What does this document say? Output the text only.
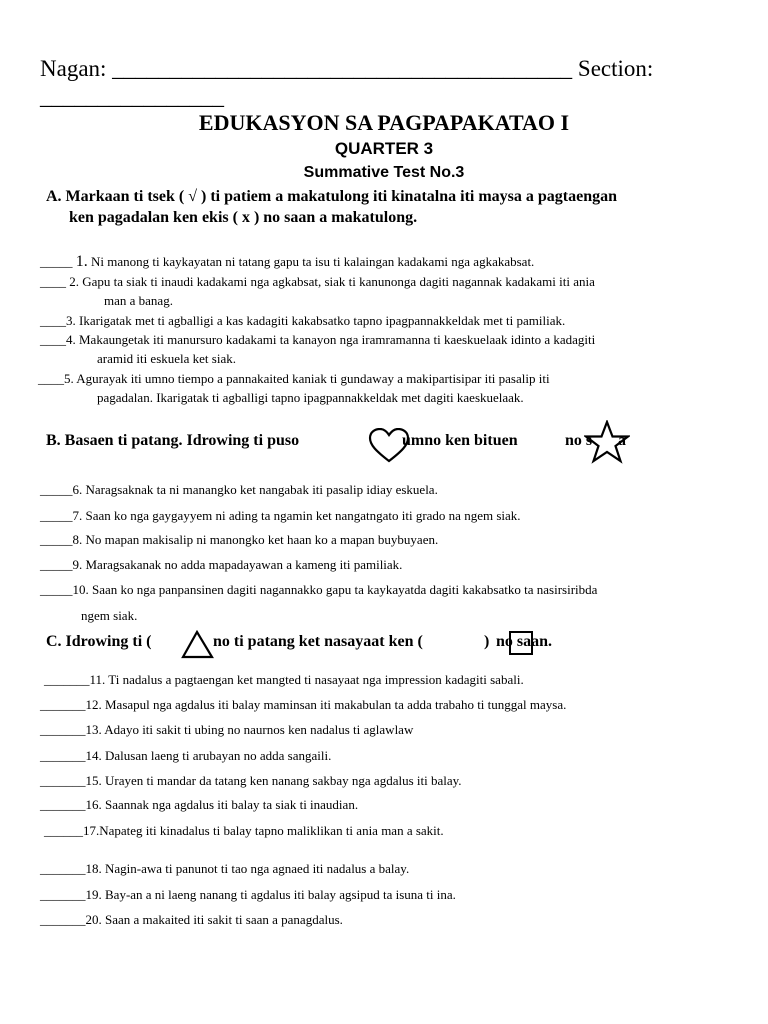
Nagan: ________________________________________ Section:
________________
EDUKASYON SA PAGPAPAKATAO I
QUARTER 3
Summative Test No.3
A. Markaan ti tsek ( √ ) ti patiem a makatulong iti kinatalna iti maysa a pagtaengan
ken pagadalan ken ekis ( x ) no saan a makatulong.
_____ 1. Ni manong ti kaykayatan ni tatang gapu ta isu ti kalaingan kadakami nga agkakabsat.
____ 2. Gapu ta siak ti inaudi kadakami nga agkabsat, siak ti kanunonga dagiti nagannak kadakami iti ania
man a banag.
____3. Ikarigatak met ti agballigi a kas kadagiti kakabsatko tapno ipagpannakkeldak met ti pamiliak.
____4. Makaungetak iti manursuro kadakami ta kanayon nga iramramanna ti kaeskuelaak idinto a kadagiti
aramid iti eskuela ket siak.
____5. Agurayak iti umno tiempo a pannakaited kaniak ti gundaway a makipartisipar iti pasalip iti
pagadalan. Ikarigatak ti agballigi tapno ipagpannakkeldak met dagiti kaeskuelaak.
B. Basaen ti patang. Idrowing ti puso	umno ken bituen	no s a
_____6. Naragsaknak ta ni manangko ket nangabak iti pasalip idiay eskuela.
_____7. Saan ko nga gaygayyem ni ading ta ngamin ket nangatngato iti grado na ngem siak.
_____8. No mapan makisalip ni manongko ket haan ko a mapan buybuyaen.
_____9. Maragsakanak no adda mapadayawan a kameng iti pamiliak.
_____10. Saan ko nga panpansinen dagiti nagannakko gapu ta kaykayatda dagiti kakabsatko ta nasirsiribda
ngem siak.
C. Idrowing ti (	no ti patang ket nasayaat ken (	) no saan.
_______11. Ti nadalus a pagtaengan ket mangted ti nasayaat nga impression kadagiti sabali.
_______12. Masapul nga agdalus iti balay maminsan iti makabulan ta adda trabaho ti tunggal maysa.
_______13. Adayo iti sakit ti ubing no naurnos ken nadalus ti aglawlaw
_______14. Dalusan laeng ti arubayan no adda sangaili.
_______15. Urayen ti mandar da tatang ken nanang sakbay nga agdalus iti balay.
_______16. Saannak nga agdalus iti balay ta siak ti inaudian.
______17.Napateg iti kinadalus ti balay tapno maliklikan ti ania man a sakit.
_______18. Nagin-awa ti panunot ti tao nga agnaed iti nadalus a balay.
_______19. Bay-an a ni laeng nanang ti agdalus iti balay agsipud ta isuna ti ina.
_______20. Saan a makaited iti sakit ti saan a panagdalus.
